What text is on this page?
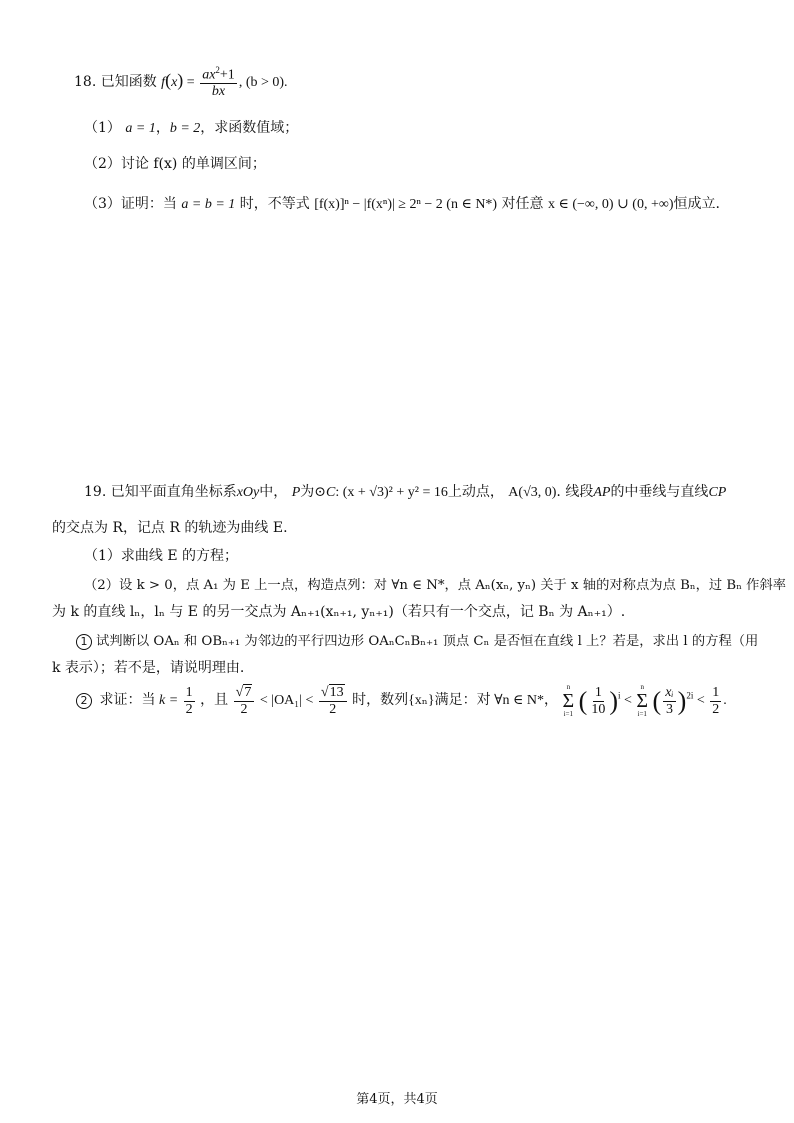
18. 已知函数 $f(x) = \frac{ax^2+1}{bx}$ , (b > 0).
（1） a = 1，b = 2，求函数值域；
（2）讨论 f(x) 的单调区间；
（3）证明：当 a = b = 1 时，不等式 [f(x)]ⁿ − |f(xⁿ)| ≥ 2ⁿ − 2 (n ∈ N*) 对任意 x ∈ (−∞, 0) ∪ (0, +∞)恒成立.
19. 已知平面直角坐标系xOy中， P为⊙C: (x + √3)² + y² = 16上动点， A(√3, 0). 线段AP的中垂线与直线CP
的交点为 R，记点 R 的轨迹为曲线 E.
（1）求曲线 E 的方程；
（2）设 k > 0，点 A₁ 为 E 上一点，构造点列：对 ∀n ∈ N*，点 Aₙ(xₙ, yₙ) 关于 x 轴的对称点为点 Bₙ，过 Bₙ 作斜率
为 k 的直线 lₙ，lₙ 与 E 的另一交点为 Aₙ₊₁(xₙ₊₁, yₙ₊₁)（若只有一个交点，记 Bₙ 为 Aₙ₊₁）.
1 试判断以 OAₙ 和 OBₙ₊₁ 为邻边的平行四边形 OAₙCₙBₙ₊₁ 顶点 Cₙ 是否恒在直线 l 上？若是，求出 l 的方程（用
k 表示）；若不是，请说明理由.
2 求证：当 $k = \frac{1}{2}$ ，且 $\frac{√7}{2} < |OA_1| < \frac{√13}{2}$ 时，数列{xₙ}满足：对 ∀n ∈ N*，
n
Σ
i=1 ( $\frac{1}{10} )^i$ <
n
Σ
i=1 ( $\frac{\text{xᵢ}}{3} )^{2i} < \frac{1}{2}$ .
第4页，共4页
